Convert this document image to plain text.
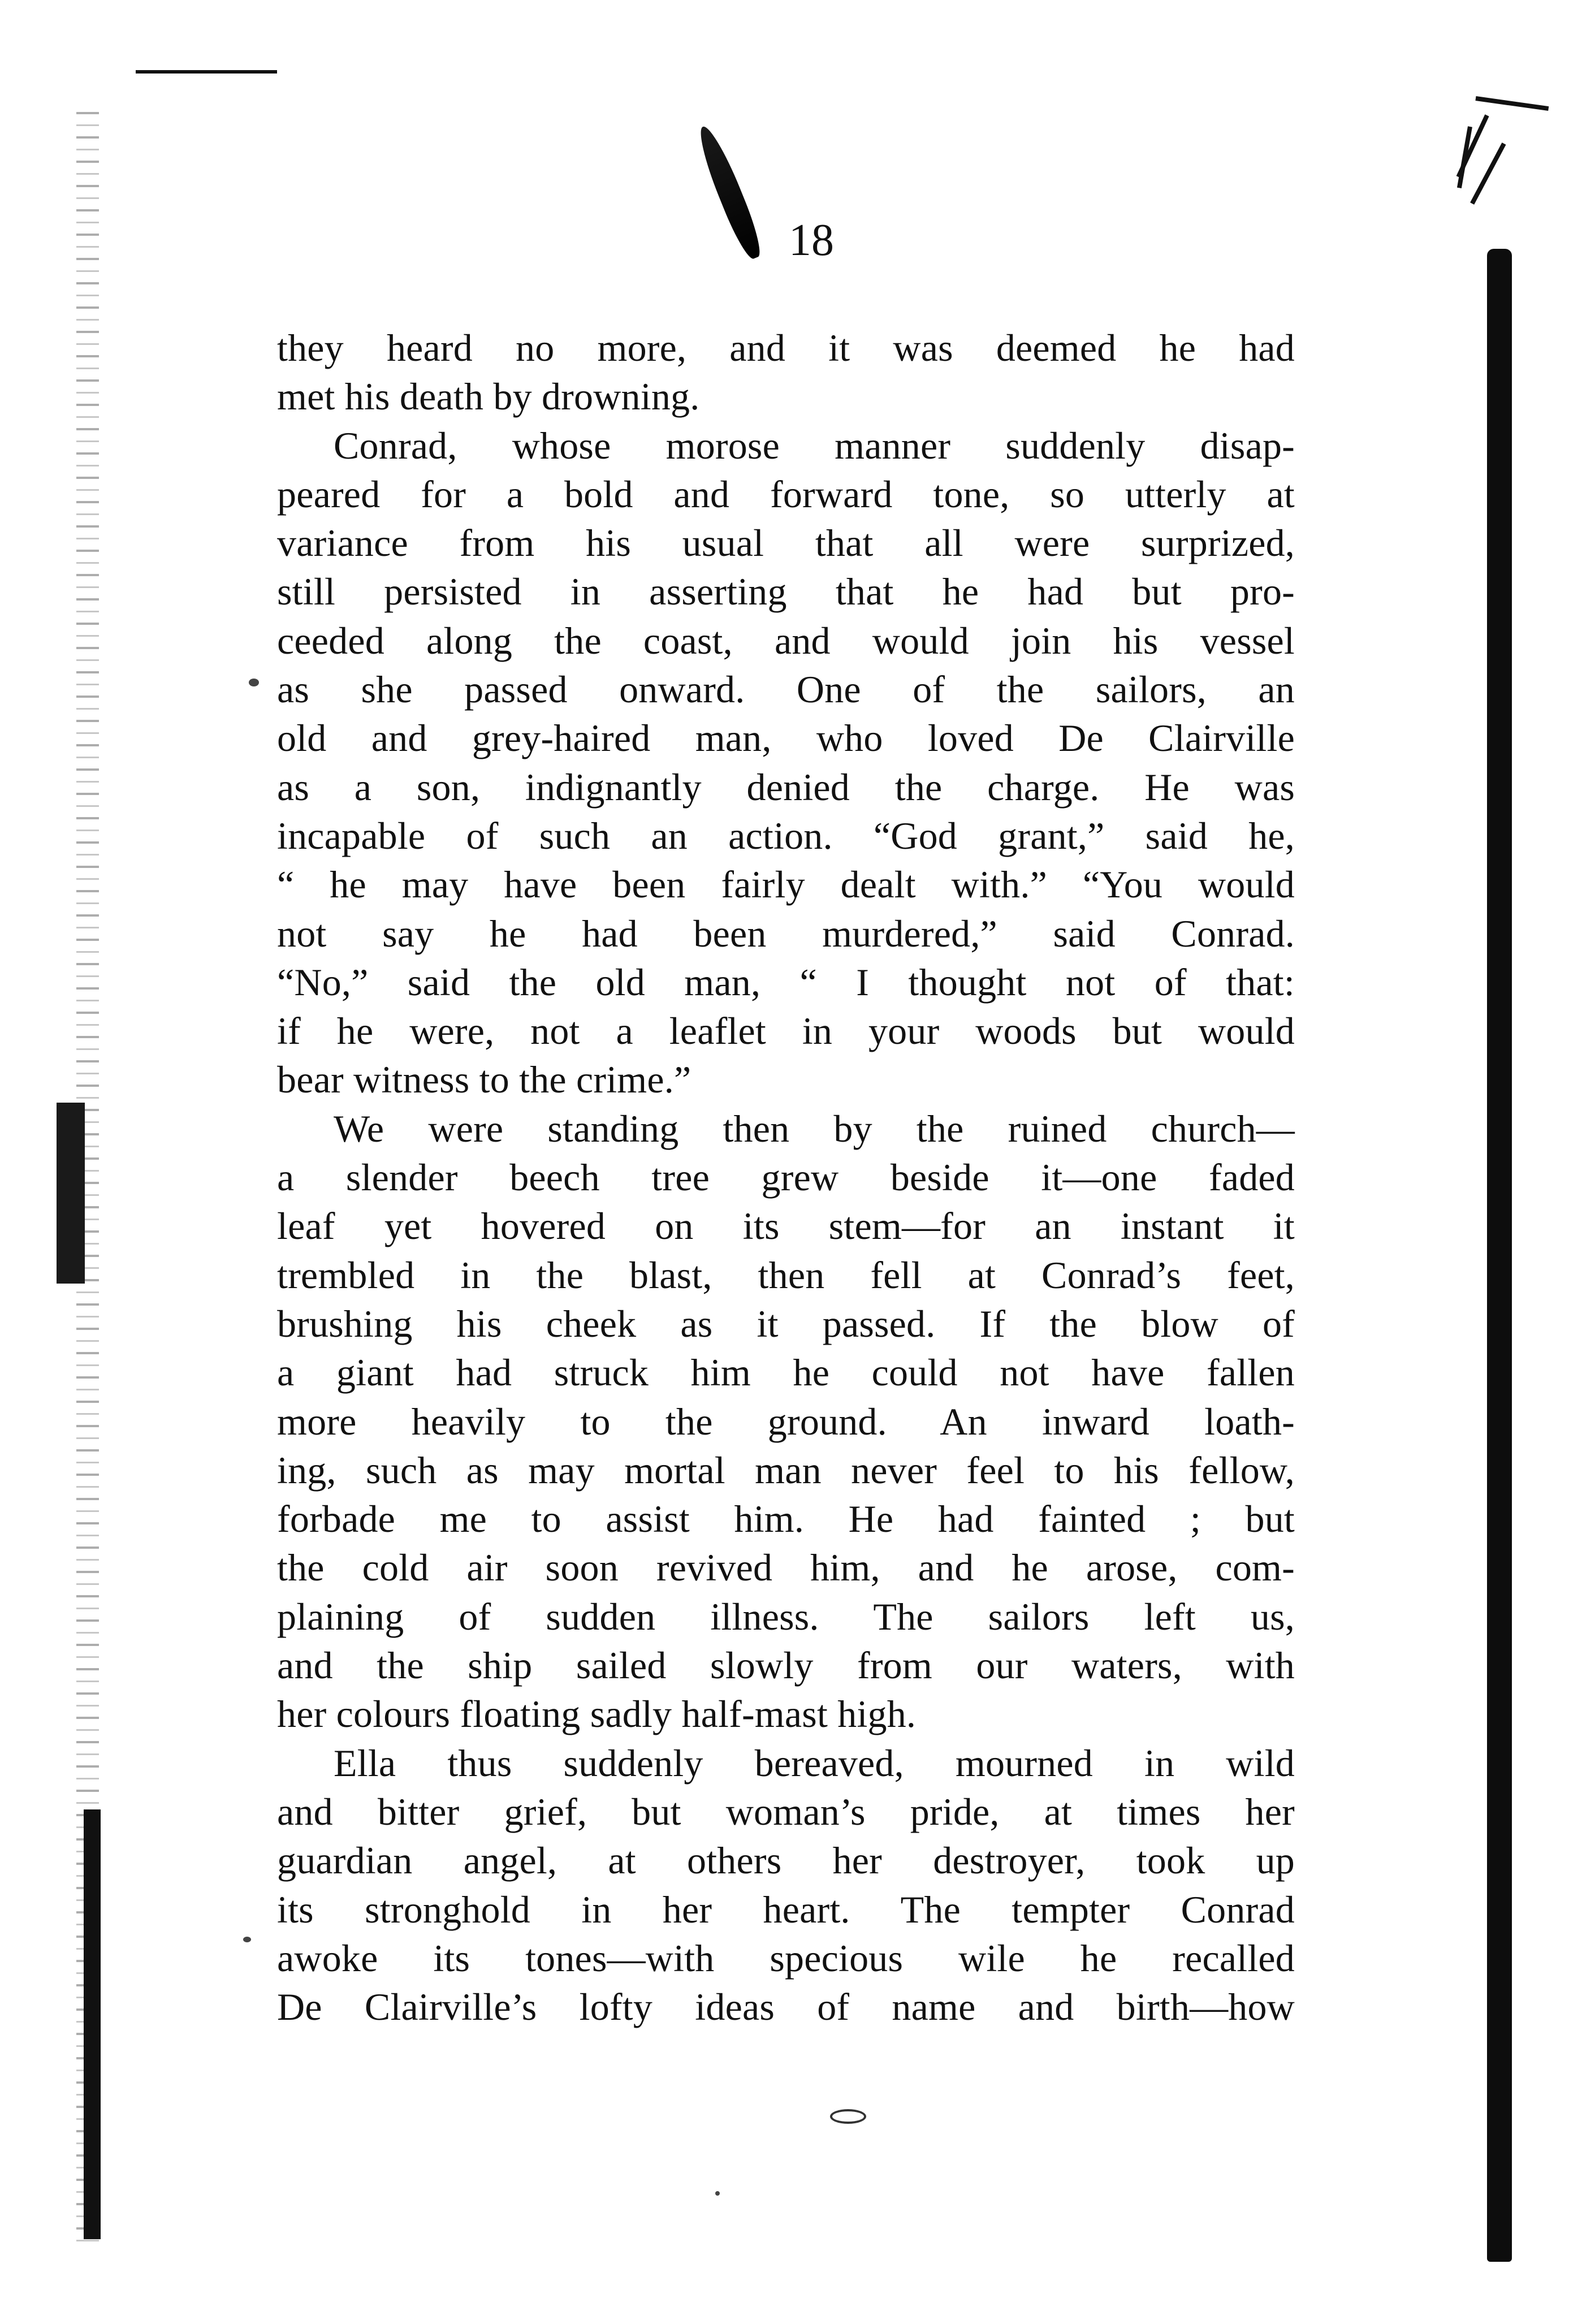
18
they heard no more, and it was deemed he had
met his death by drowning.
Conrad, whose morose manner suddenly disap-
peared for a bold and forward tone, so utterly at
variance from his usual that all were surprized,
still persisted in asserting that he had but pro-
ceeded along the coast, and would join his vessel
as she passed onward. One of the sailors, an
old and grey-haired man, who loved De Clairville
as a son, indignantly denied the charge. He was
incapable of such an action. “God grant,” said he,
“ he may have been fairly dealt with.” “You would
not say he had been murdered,” said Conrad.
“No,” said the old man, “ I thought not of that:
if he were, not a leaflet in your woods but would
bear witness to the crime.”
We were standing then by the ruined church—
a slender beech tree grew beside it—one faded
leaf yet hovered on its stem—for an instant it
trembled in the blast, then fell at Conrad’s feet,
brushing his cheek as it passed. If the blow of
a giant had struck him he could not have fallen
more heavily to the ground. An inward loath-
ing, such as may mortal man never feel to his fellow,
forbade me to assist him. He had fainted ; but
the cold air soon revived him, and he arose, com-
plaining of sudden illness. The sailors left us,
and the ship sailed slowly from our waters, with
her colours floating sadly half-mast high.
Ella thus suddenly bereaved, mourned in wild
and bitter grief, but woman’s pride, at times her
guardian angel, at others her destroyer, took up
its stronghold in her heart. The tempter Conrad
awoke its tones—with specious wile he recalled
De Clairville’s lofty ideas of name and birth—how
